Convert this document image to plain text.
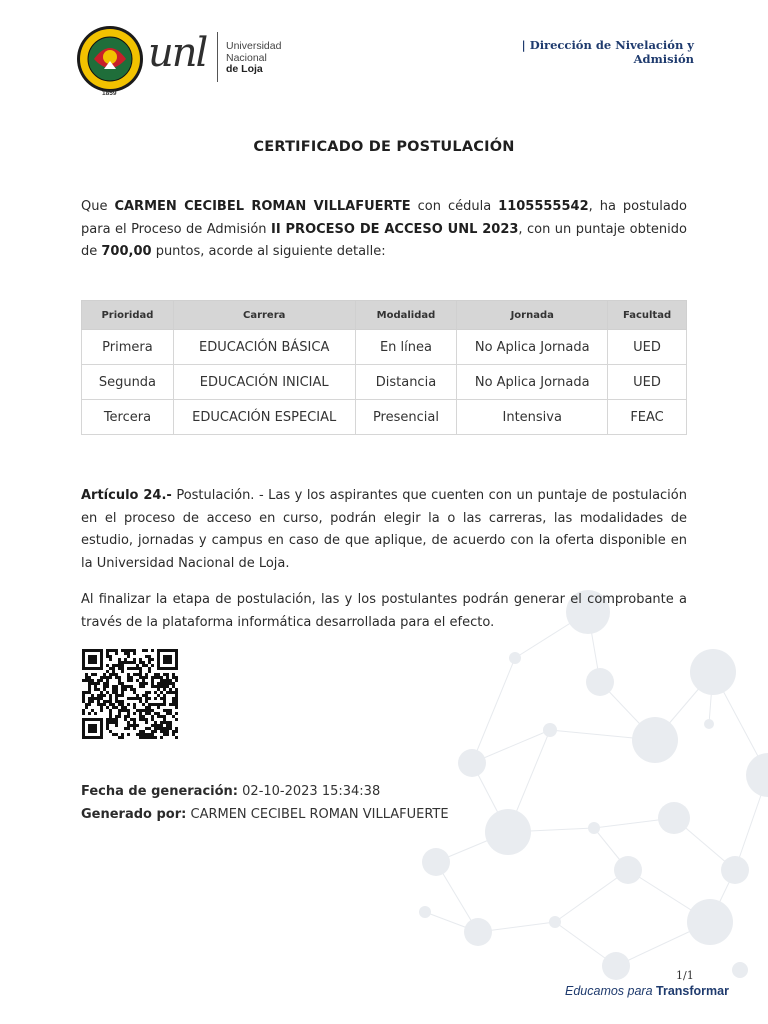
1859
unl Universidad
Nacional
de Loja
| Dirección de Nivelación y
Admisión
CERTIFICADO DE POSTULACIÓN
Que CARMEN CECIBEL ROMAN VILLAFUERTE con cédula 1105555542, ha postulado para el Proceso de Admisión II PROCESO DE ACCESO UNL 2023, con un puntaje obtenido de 700,00 puntos, acorde al siguiente detalle:
Prioridad	Carrera	Modalidad	Jornada	Facultad
Primera	EDUCACIÓN BÁSICA	En línea	No Aplica Jornada	UED
Segunda	EDUCACIÓN INICIAL	Distancia	No Aplica Jornada	UED
Tercera	EDUCACIÓN ESPECIAL	Presencial	Intensiva	FEAC
Artículo 24.- Postulación. - Las y los aspirantes que cuenten con un puntaje de postulación en el proceso de acceso en curso, podrán elegir la o las carreras, las modalidades de estudio, jornadas y campus en caso de que aplique, de acuerdo con la oferta disponible en la Universidad Nacional de Loja.
Al finalizar la etapa de postulación, las y los postulantes podrán generar el comprobante a través de la plataforma informática desarrollada para el efecto.
Fecha de generación: 02-10-2023 15:34:38
Generado por: CARMEN CECIBEL ROMAN VILLAFUERTE
1/1
Educamos para Transformar
